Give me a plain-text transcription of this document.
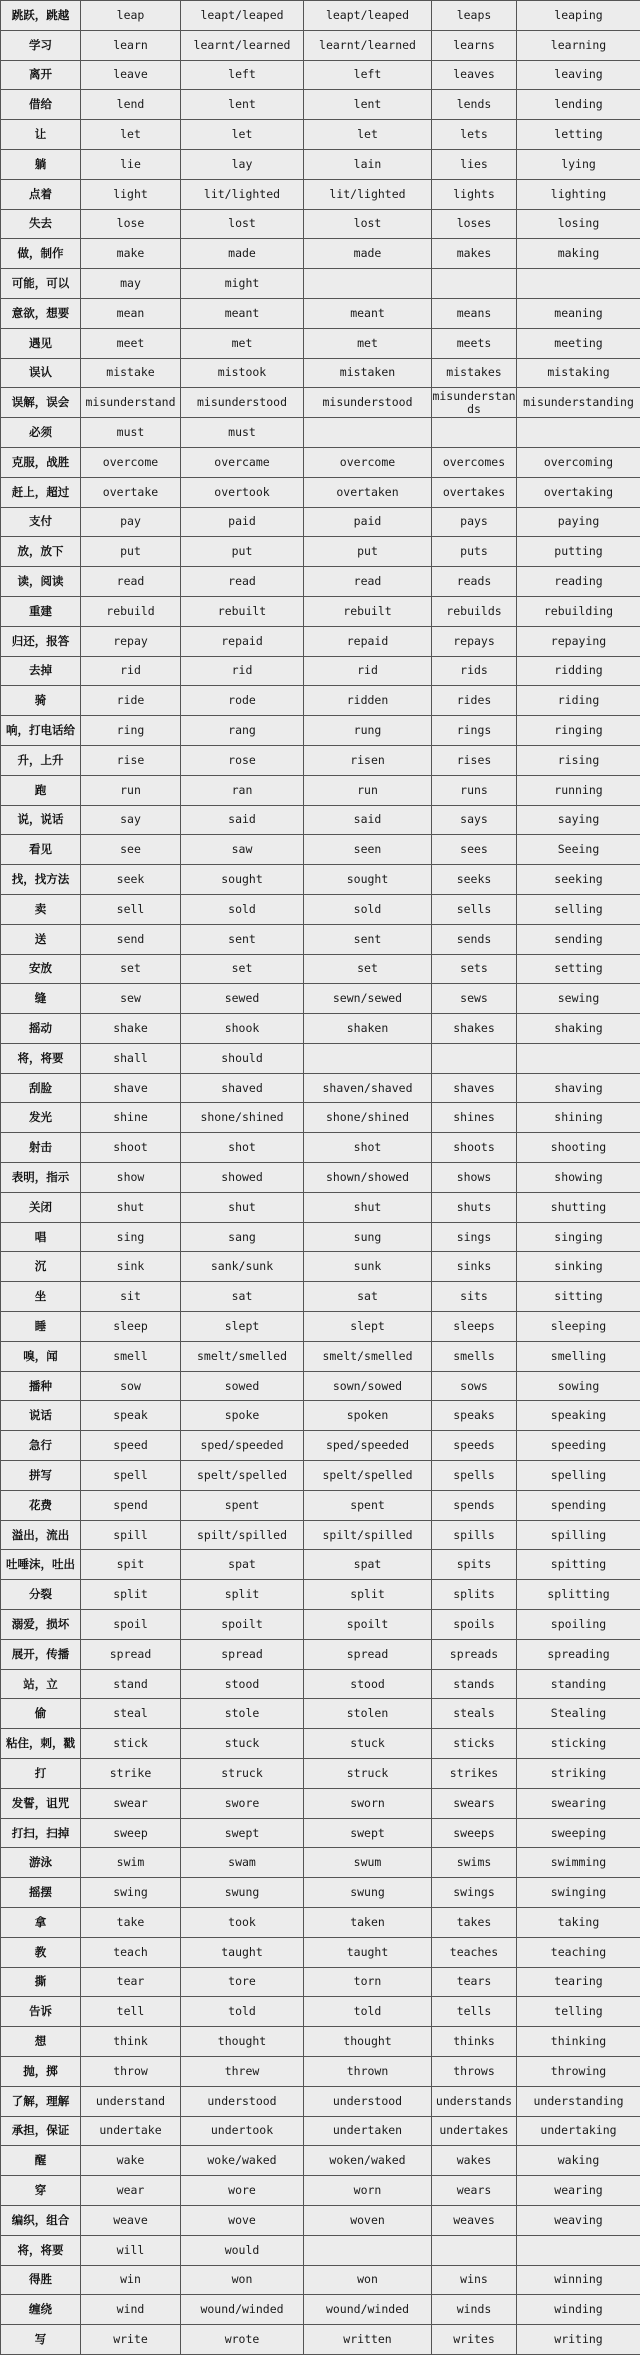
跳跃，跳越	leap	leapt/leaped	leapt/leaped	leaps	leaping
学习	learn	learnt/learned	learnt/learned	learns	learning
离开	leave	left	left	leaves	leaving
借给	lend	lent	lent	lends	lending
让	let	let	let	lets	letting
躺	lie	lay	lain	lies	lying
点着	light	lit/lighted	lit/lighted	lights	lighting
失去	lose	lost	lost	loses	losing
做，制作	make	made	made	makes	making
可能，可以	may	might			
意欲，想要	mean	meant	meant	means	meaning
遇见	meet	met	met	meets	meeting
误认	mistake	mistook	mistaken	mistakes	mistaking
误解，误会	misunderstand	misunderstood	misunderstood	misunderstands	misunderstanding
必须	must	must			
克服，战胜	overcome	overcame	overcome	overcomes	overcoming
赶上，超过	overtake	overtook	overtaken	overtakes	overtaking
支付	pay	paid	paid	pays	paying
放，放下	put	put	put	puts	putting
读，阅读	read	read	read	reads	reading
重建	rebuild	rebuilt	rebuilt	rebuilds	rebuilding
归还，报答	repay	repaid	repaid	repays	repaying
去掉	rid	rid	rid	rids	ridding
骑	ride	rode	ridden	rides	riding
响，打电话给	ring	rang	rung	rings	ringing
升，上升	rise	rose	risen	rises	rising
跑	run	ran	run	runs	running
说，说话	say	said	said	says	saying
看见	see	saw	seen	sees	Seeing
找，找方法	seek	sought	sought	seeks	seeking
卖	sell	sold	sold	sells	selling
送	send	sent	sent	sends	sending
安放	set	set	set	sets	setting
缝	sew	sewed	sewn/sewed	sews	sewing
摇动	shake	shook	shaken	shakes	shaking
将，将要	shall	should			
刮脸	shave	shaved	shaven/shaved	shaves	shaving
发光	shine	shone/shined	shone/shined	shines	shining
射击	shoot	shot	shot	shoots	shooting
表明，指示	show	showed	shown/showed	shows	showing
关闭	shut	shut	shut	shuts	shutting
唱	sing	sang	sung	sings	singing
沉	sink	sank/sunk	sunk	sinks	sinking
坐	sit	sat	sat	sits	sitting
睡	sleep	slept	slept	sleeps	sleeping
嗅，闻	smell	smelt/smelled	smelt/smelled	smells	smelling
播种	sow	sowed	sown/sowed	sows	sowing
说话	speak	spoke	spoken	speaks	speaking
急行	speed	sped/speeded	sped/speeded	speeds	speeding
拼写	spell	spelt/spelled	spelt/spelled	spells	spelling
花费	spend	spent	spent	spends	spending
溢出，流出	spill	spilt/spilled	spilt/spilled	spills	spilling
吐唾沫，吐出	spit	spat	spat	spits	spitting
分裂	split	split	split	splits	splitting
溺爱，损坏	spoil	spoilt	spoilt	spoils	spoiling
展开，传播	spread	spread	spread	spreads	spreading
站，立	stand	stood	stood	stands	standing
偷	steal	stole	stolen	steals	Stealing
粘住，刺，戳	stick	stuck	stuck	sticks	sticking
打	strike	struck	struck	strikes	striking
发誓，诅咒	swear	swore	sworn	swears	swearing
打扫，扫掉	sweep	swept	swept	sweeps	sweeping
游泳	swim	swam	swum	swims	swimming
摇摆	swing	swung	swung	swings	swinging
拿	take	took	taken	takes	taking
教	teach	taught	taught	teaches	teaching
撕	tear	tore	torn	tears	tearing
告诉	tell	told	told	tells	telling
想	think	thought	thought	thinks	thinking
抛，掷	throw	threw	thrown	throws	throwing
了解，理解	understand	understood	understood	understands	understanding
承担，保证	undertake	undertook	undertaken	undertakes	undertaking
醒	wake	woke/waked	woken/waked	wakes	waking
穿	wear	wore	worn	wears	wearing
编织，组合	weave	wove	woven	weaves	weaving
将，将要	will	would			
得胜	win	won	won	wins	winning
缠绕	wind	wound/winded	wound/winded	winds	winding
写	write	wrote	written	writes	writing
